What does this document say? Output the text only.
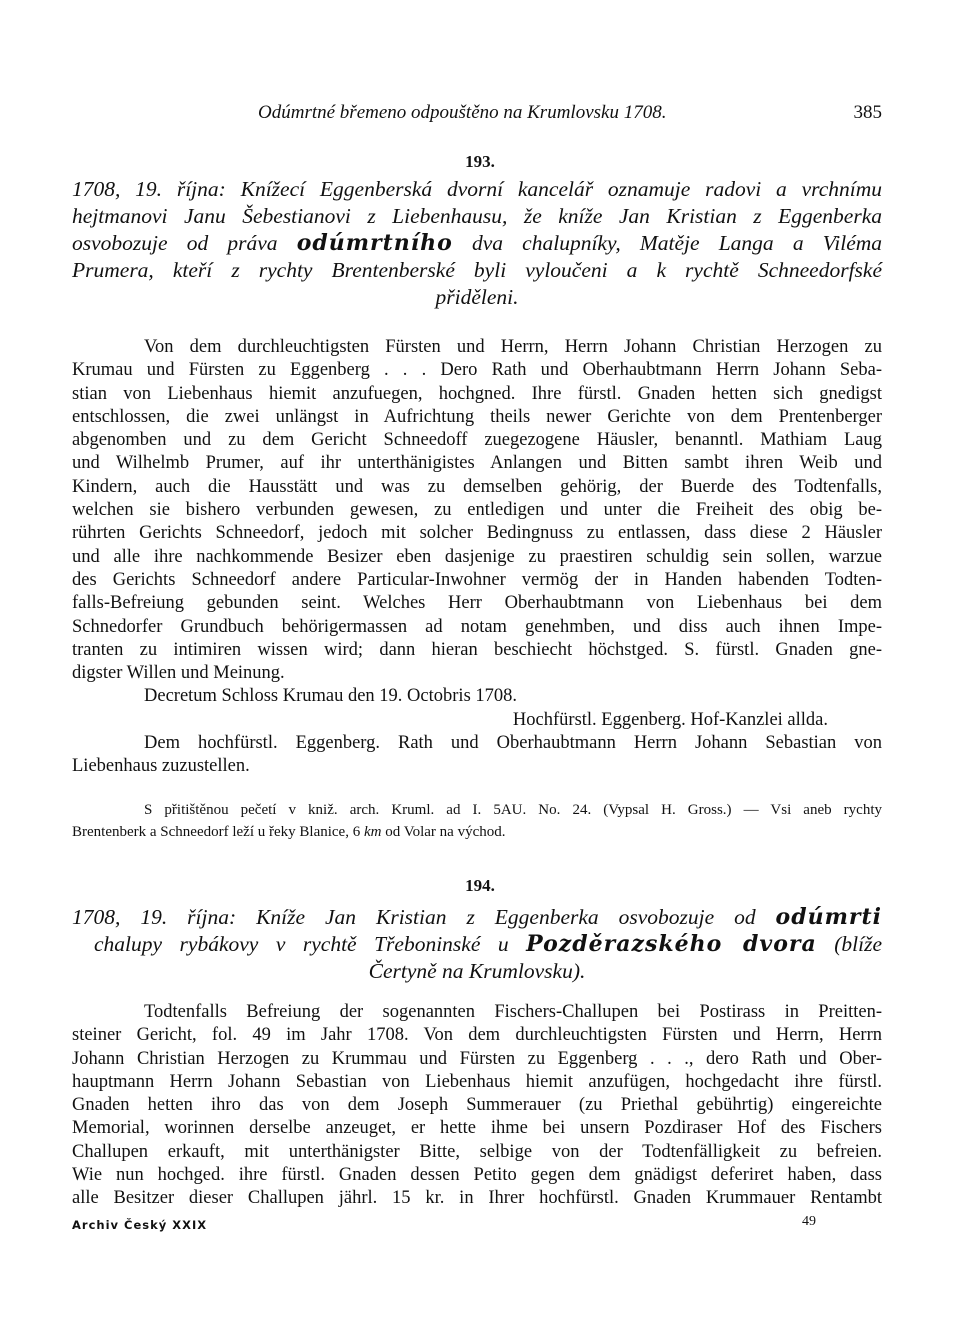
Odúmrtné břemeno odpouštěno na Krumlovsku 1708.	385
193.
1708, 19. října: Knížecí Eggenberská dvorní kancelář oznamuje radovi a vrchnímu
hejtmanovi Janu Šebestianovi z Liebenhausu, že kníže Jan Kristian z Eggenberka
osvobozuje od práva odúmrtního dva chalupníky, Matěje Langa a Viléma
Prumera, kteří z rychty Brentenberské byli vyloučeni a k rychtě Schneedorfské
přiděleni.
Von dem durchleuchtigsten Fürsten und Herrn, Herrn Johann Christian Herzogen zu
Krumau und Fürsten zu Eggenberg . . . Dero Rath und Oberhaubtmann Herrn Johann Seba-
stian von Liebenhaus hiemit anzufuegen, hochgned. Ihre fürstl. Gnaden hetten sich gnedigst
entschlossen, die zwei unlängst in Aufrichtung theils newer Gerichte von dem Prentenberger
abgenomben und zu dem Gericht Schneedoff zuegezogene Häusler, benanntl. Mathiam Laug
und Wilhelmb Prumer, auf ihr unterthänigistes Anlangen und Bitten sambt ihren Weib und
Kindern, auch die Hausstätt und was zu demselben gehörig, der Buerde des Todtenfalls,
welchen sie bishero verbunden gewesen, zu entledigen und unter die Freiheit des obig be-
rührten Gerichts Schneedorf, jedoch mit solcher Bedingnuss zu entlassen, dass diese 2 Häusler
und alle ihre nachkommende Besizer eben dasjenige zu praestiren schuldig sein sollen, warzue
des Gerichts Schneedorf andere Particular-Inwohner vermög der in Handen habenden Todten-
falls-Befreiung gebunden seint. Welches Herr Oberhaubtmann von Liebenhaus bei dem
Schnedorfer Grundbuch behörigermassen ad notam genehmben, und diss auch ihnen Impe-
tranten zu intimiren wissen wird; dann hieran beschiecht höchstged. S. fürstl. Gnaden gne-
digster Willen und Meinung.
Decretum Schloss Krumau den 19. Octobris 1708.
Hochfürstl. Eggenberg. Hof-Kanzlei allda.
Dem hochfürstl. Eggenberg. Rath und Oberhaubtmann Herrn Johann Sebastian von
Liebenhaus zuzustellen.
S přitištěnou pečetí v kniž. arch. Kruml. ad I. 5AU. No. 24. (Vypsal H. Gross.) — Vsi aneb rychty
Brentenberk a Schneedorf leží u řeky Blanice, 6 km od Volar na východ.
194.
1708, 19. října: Kníže Jan Kristian z Eggenberka osvobozuje od odúmrti
chalupy rybákovy v rychtě Třeboninské u Pozděrazského dvora (blíže
Čertyně na Krumlovsku).
Todtenfalls Befreiung der sogenannten Fischers-Challupen bei Postirass in Preitten-
steiner Gericht, fol. 49 im Jahr 1708. Von dem durchleuchtigsten Fürsten und Herrn, Herrn
Johann Christian Herzogen zu Krummau und Fürsten zu Eggenberg . . ., dero Rath und Ober-
hauptmann Herrn Johann Sebastian von Liebenhaus hiemit anzufügen, hochgedacht ihre fürstl.
Gnaden hetten ihro das von dem Joseph Summerauer (zu Priethal gebührtig) eingereichte
Memorial, worinnen derselbe anzeuget, er hette ihme bei unsern Pozdiraser Hof des Fischers
Challupen erkauft, mit unterthänigster Bitte, selbige von der Todtenfälligkeit zu befreien.
Wie nun hochged. ihre fürstl. Gnaden dessen Petito gegen dem gnädigst deferiret haben, dass
alle Besitzer dieser Challupen jährl. 15 kr. in Ihrer hochfürstl. Gnaden Krummauer Rentambt
Archiv Český XXIX	49
